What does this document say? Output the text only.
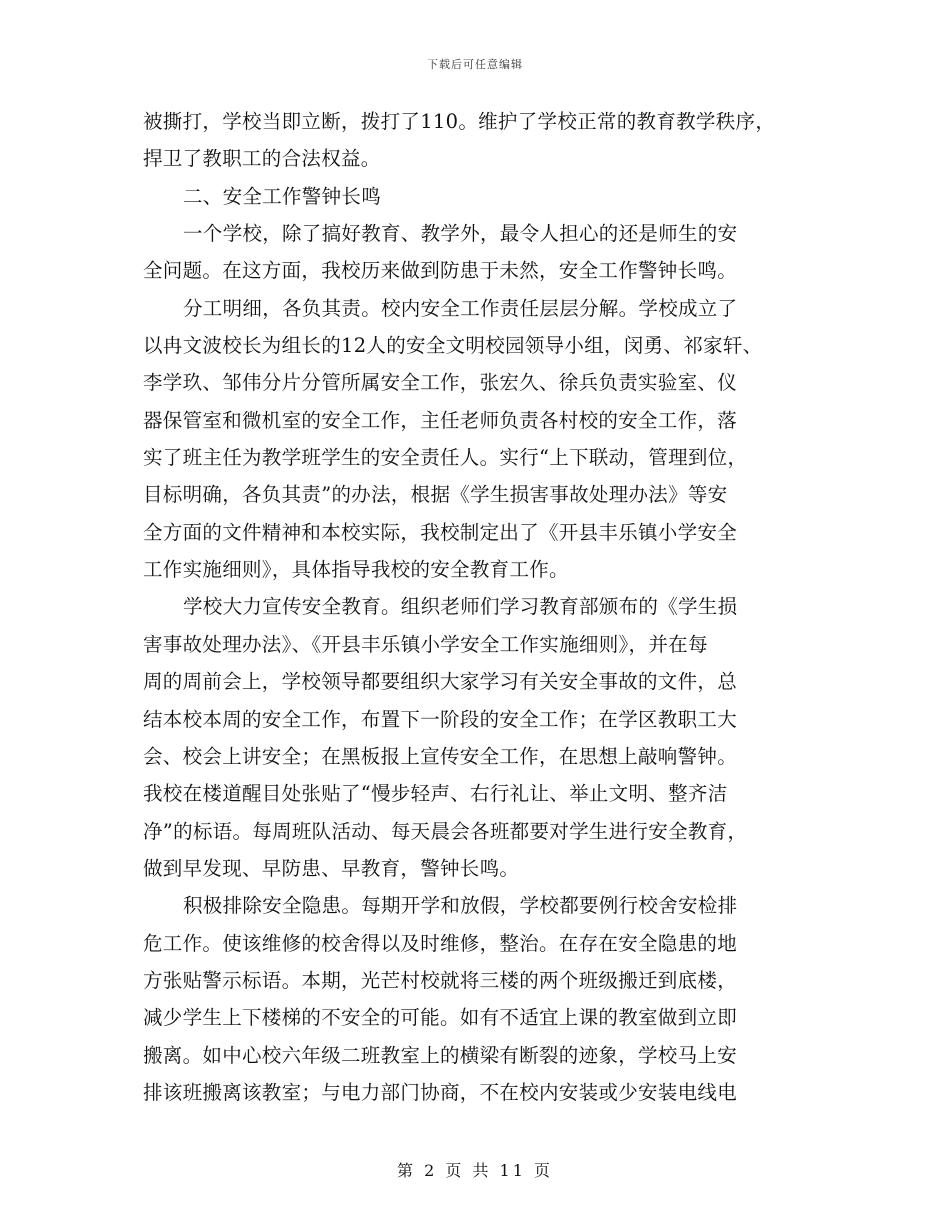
下载后可任意编辑
被撕打，学校当即立断，拨打了110。维护了学校正常的教育教学秩序，
捍卫了教职工的合法权益。
二、安全工作警钟长鸣
一个学校，除了搞好教育、教学外，最令人担心的还是师生的安
全问题。在这方面，我校历来做到防患于未然，安全工作警钟长鸣。
分工明细，各负其责。校内安全工作责任层层分解。学校成立了
以冉文波校长为组长的12人的安全文明校园领导小组，闵勇、祁家轩、
李学玖、邹伟分片分管所属安全工作，张宏久、徐兵负责实验室、仪
器保管室和微机室的安全工作，主任老师负责各村校的安全工作，落
实了班主任为教学班学生的安全责任人。实行“上下联动，管理到位，
目标明确，各负其责”的办法，根据《学生损害事故处理办法》等安
全方面的文件精神和本校实际，我校制定出了《开县丰乐镇小学安全
工作实施细则》，具体指导我校的安全教育工作。
学校大力宣传安全教育。组织老师们学习教育部颁布的《学生损
害事故处理办法》、《开县丰乐镇小学安全工作实施细则》，并在每
周的周前会上，学校领导都要组织大家学习有关安全事故的文件，总
结本校本周的安全工作，布置下一阶段的安全工作；在学区教职工大
会、校会上讲安全；在黑板报上宣传安全工作，在思想上敲响警钟。
我校在楼道醒目处张贴了“慢步轻声、右行礼让、举止文明、整齐洁
净”的标语。每周班队活动、每天晨会各班都要对学生进行安全教育，
做到早发现、早防患、早教育，警钟长鸣。
积极排除安全隐患。每期开学和放假，学校都要例行校舍安检排
危工作。使该维修的校舍得以及时维修，整治。在存在安全隐患的地
方张贴警示标语。本期，光芒村校就将三楼的两个班级搬迁到底楼，
减少学生上下楼梯的不安全的可能。如有不适宜上课的教室做到立即
搬离。如中心校六年级二班教室上的横梁有断裂的迹象，学校马上安
排该班搬离该教室；与电力部门协商，不在校内安装或少安装电线电
第 2 页 共 11 页
